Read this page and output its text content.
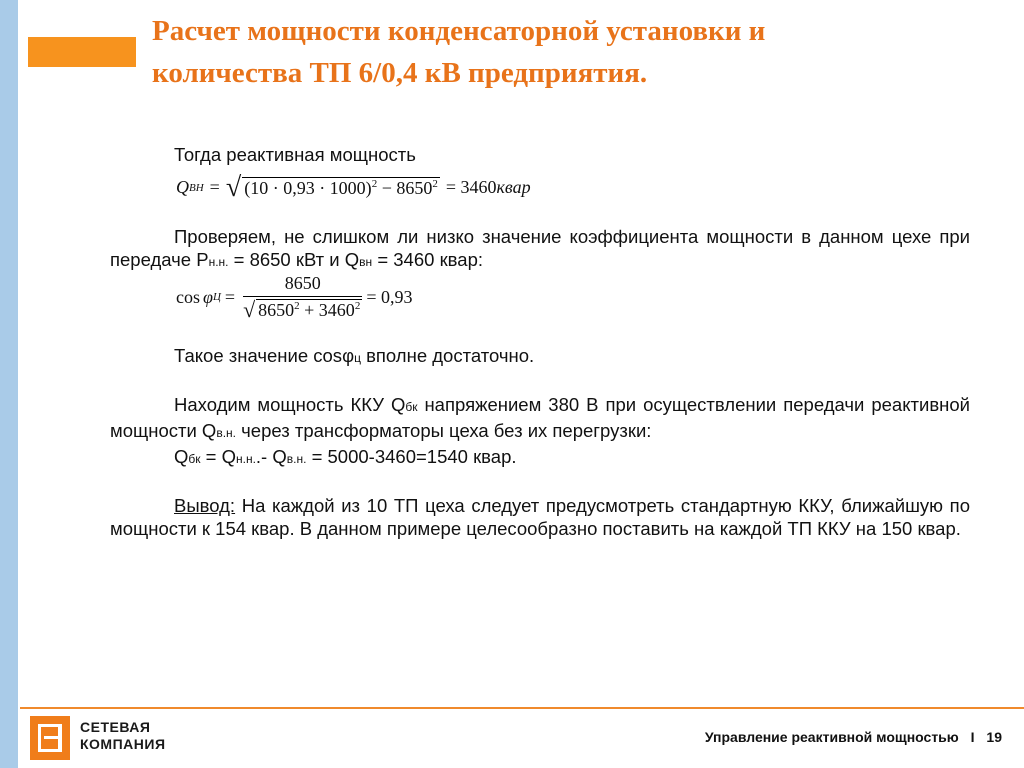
Расчет мощности конденсаторной установки и
количества ТП 6/0,4 кВ предприятия.

Тогда реактивная мощность

Q ВН = √ $(10 \cdot 0,93 \cdot 1000)^2 - 8650^2 = 3460$ квар

Проверяем, не слишком ли низко значение коэффициента мощности в данном цехе при передаче Рн.н. = 8650 кВт и Qвн = 3460 квар:

cos φ $Ц = \frac{8650}{√ 8650^2 + 3460^2} = 0,93$

Такое значение cosφц вполне достаточно.

Находим мощность ККУ Qбк напряжением 380 В при осуществлении передачи реактивной мощности Qв.н. через трансформаторы цеха без их перегрузки:

Qбк = Qн.н..- Qв.н. = 5000-3460=1540 квар.

Вывод: На каждой из 10 ТП цеха следует предусмотреть стандартную ККУ, ближайшую по мощности к 154 квар. В данном примере целесообразно поставить на каждой ТП ККУ на 150 квар.

СЕТЕВАЯ
КОМПАНИЯ	Управление реактивной мощностью I 19
